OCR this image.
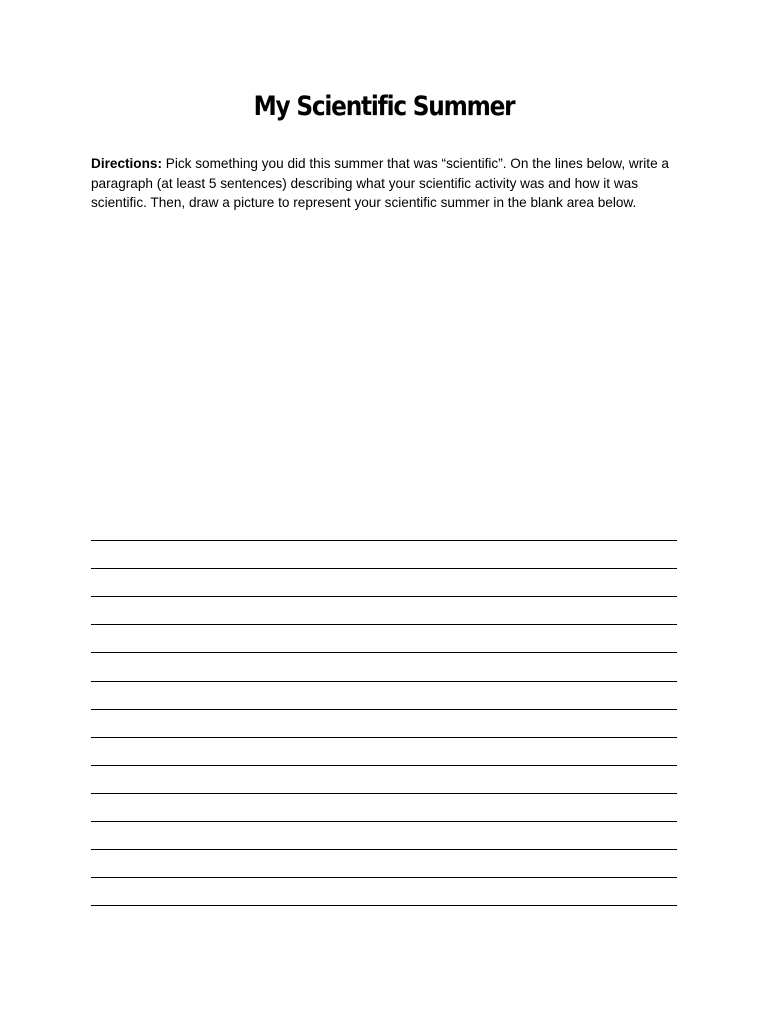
My Scientific Summer

Directions: Pick something you did this summer that was “scientific”. On the lines below, write a paragraph (at least 5 sentences) describing what your scientific activity was and how it was scientific. Then, draw a picture to represent your scientific summer in the blank area below.
